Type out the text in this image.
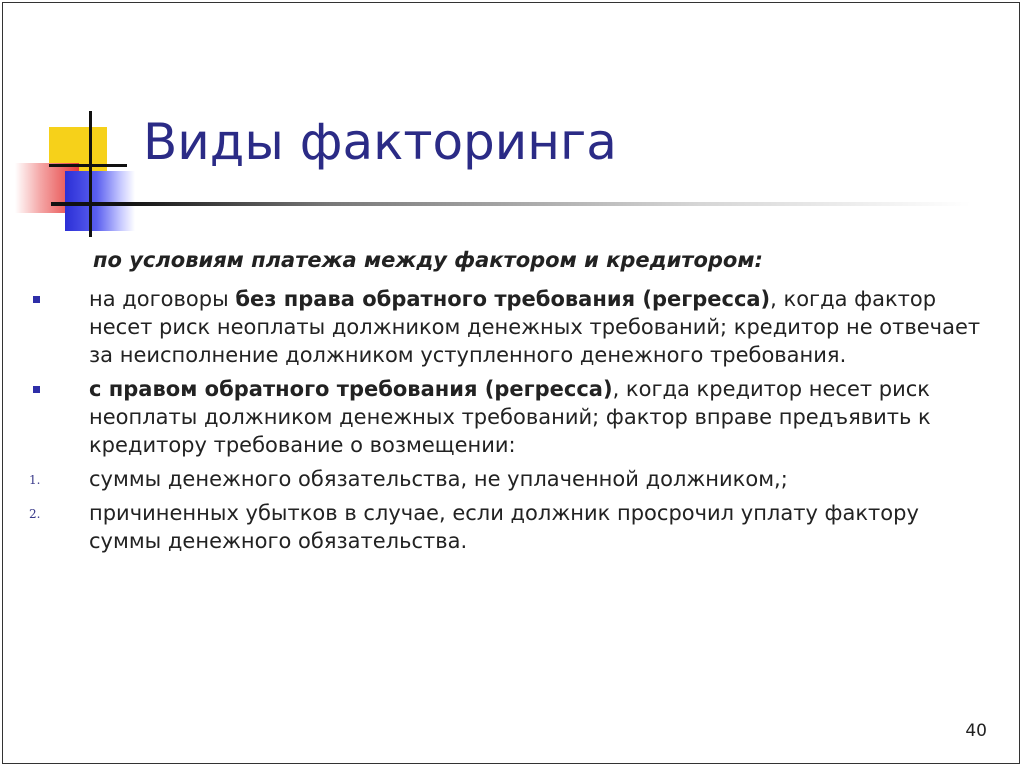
Виды факторинга
по условиям платежа между фактором и кредитором:
на договоры без права обратного требования (регресса), когда фактор несет риск неоплаты должником денежных требований; кредитор не отвечает за неисполнение должником уступленного денежного требования.
с правом обратного требования (регресса), когда кредитор несет риск неоплаты должником денежных требований; фактор вправе предъявить к кредитору требование о возмещении:
1. суммы денежного обязательства, не уплаченной должником,;
2. причиненных убытков в случае, если должник просрочил уплату фактору суммы денежного обязательства.
40
